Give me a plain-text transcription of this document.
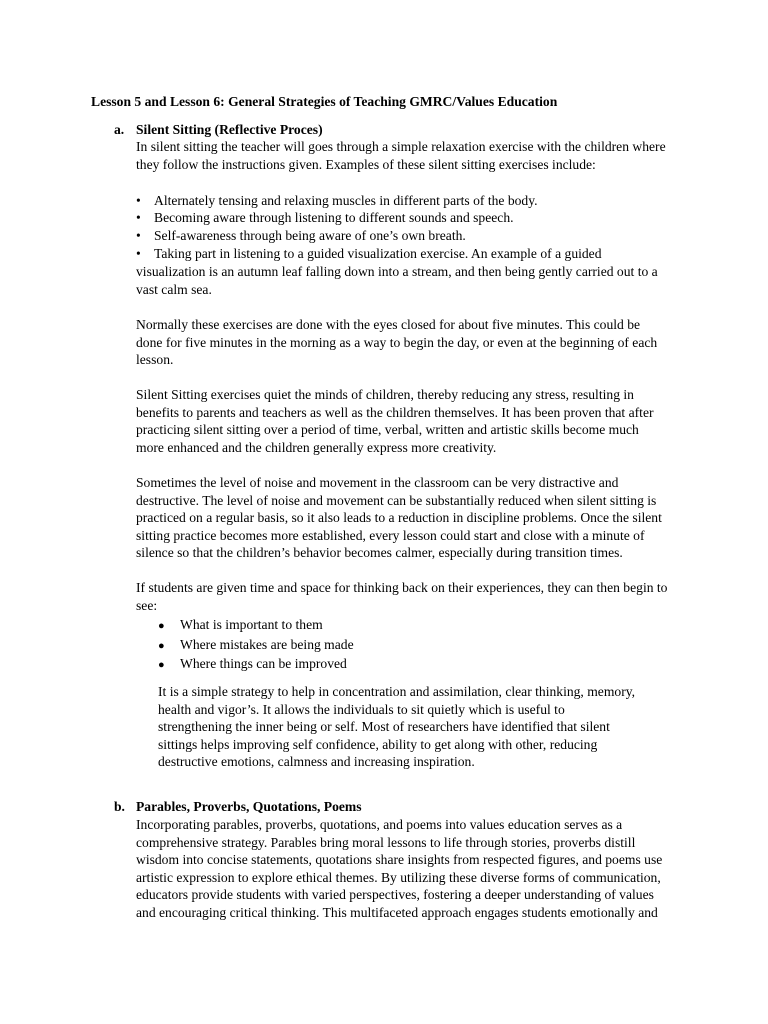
Lesson 5 and Lesson 6: General Strategies of Teaching GMRC/Values Education
a. Silent Sitting (Reflective Proces)
In silent sitting the teacher will goes through a simple relaxation exercise with the children where
they follow the instructions given. Examples of these silent sitting exercises include:
• Alternately tensing and relaxing muscles in different parts of the body.
• Becoming aware through listening to different sounds and speech.
• Self-awareness through being aware of one’s own breath.
• Taking part in listening to a guided visualization exercise. An example of a guided
visualization is an autumn leaf falling down into a stream, and then being gently carried out to a
vast calm sea.
Normally these exercises are done with the eyes closed for about five minutes. This could be
done for five minutes in the morning as a way to begin the day, or even at the beginning of each
lesson.
Silent Sitting exercises quiet the minds of children, thereby reducing any stress, resulting in
benefits to parents and teachers as well as the children themselves. It has been proven that after
practicing silent sitting over a period of time, verbal, written and artistic skills become much
more enhanced and the children generally express more creativity.
Sometimes the level of noise and movement in the classroom can be very distractive and
destructive. The level of noise and movement can be substantially reduced when silent sitting is
practiced on a regular basis, so it also leads to a reduction in discipline problems. Once the silent
sitting practice becomes more established, every lesson could start and close with a minute of
silence so that the children’s behavior becomes calmer, especially during transition times.
If students are given time and space for thinking back on their experiences, they can then begin to
see:
● What is important to them
● Where mistakes are being made
● Where things can be improved
It is a simple strategy to help in concentration and assimilation, clear thinking, memory,
health and vigor’s. It allows the individuals to sit quietly which is useful to
strengthening the inner being or self. Most of researchers have identified that silent
sittings helps improving self confidence, ability to get along with other, reducing
destructive emotions, calmness and increasing inspiration.
b. Parables, Proverbs, Quotations, Poems
Incorporating parables, proverbs, quotations, and poems into values education serves as a
comprehensive strategy. Parables bring moral lessons to life through stories, proverbs distill
wisdom into concise statements, quotations share insights from respected figures, and poems use
artistic expression to explore ethical themes. By utilizing these diverse forms of communication,
educators provide students with varied perspectives, fostering a deeper understanding of values
and encouraging critical thinking. This multifaceted approach engages students emotionally and
